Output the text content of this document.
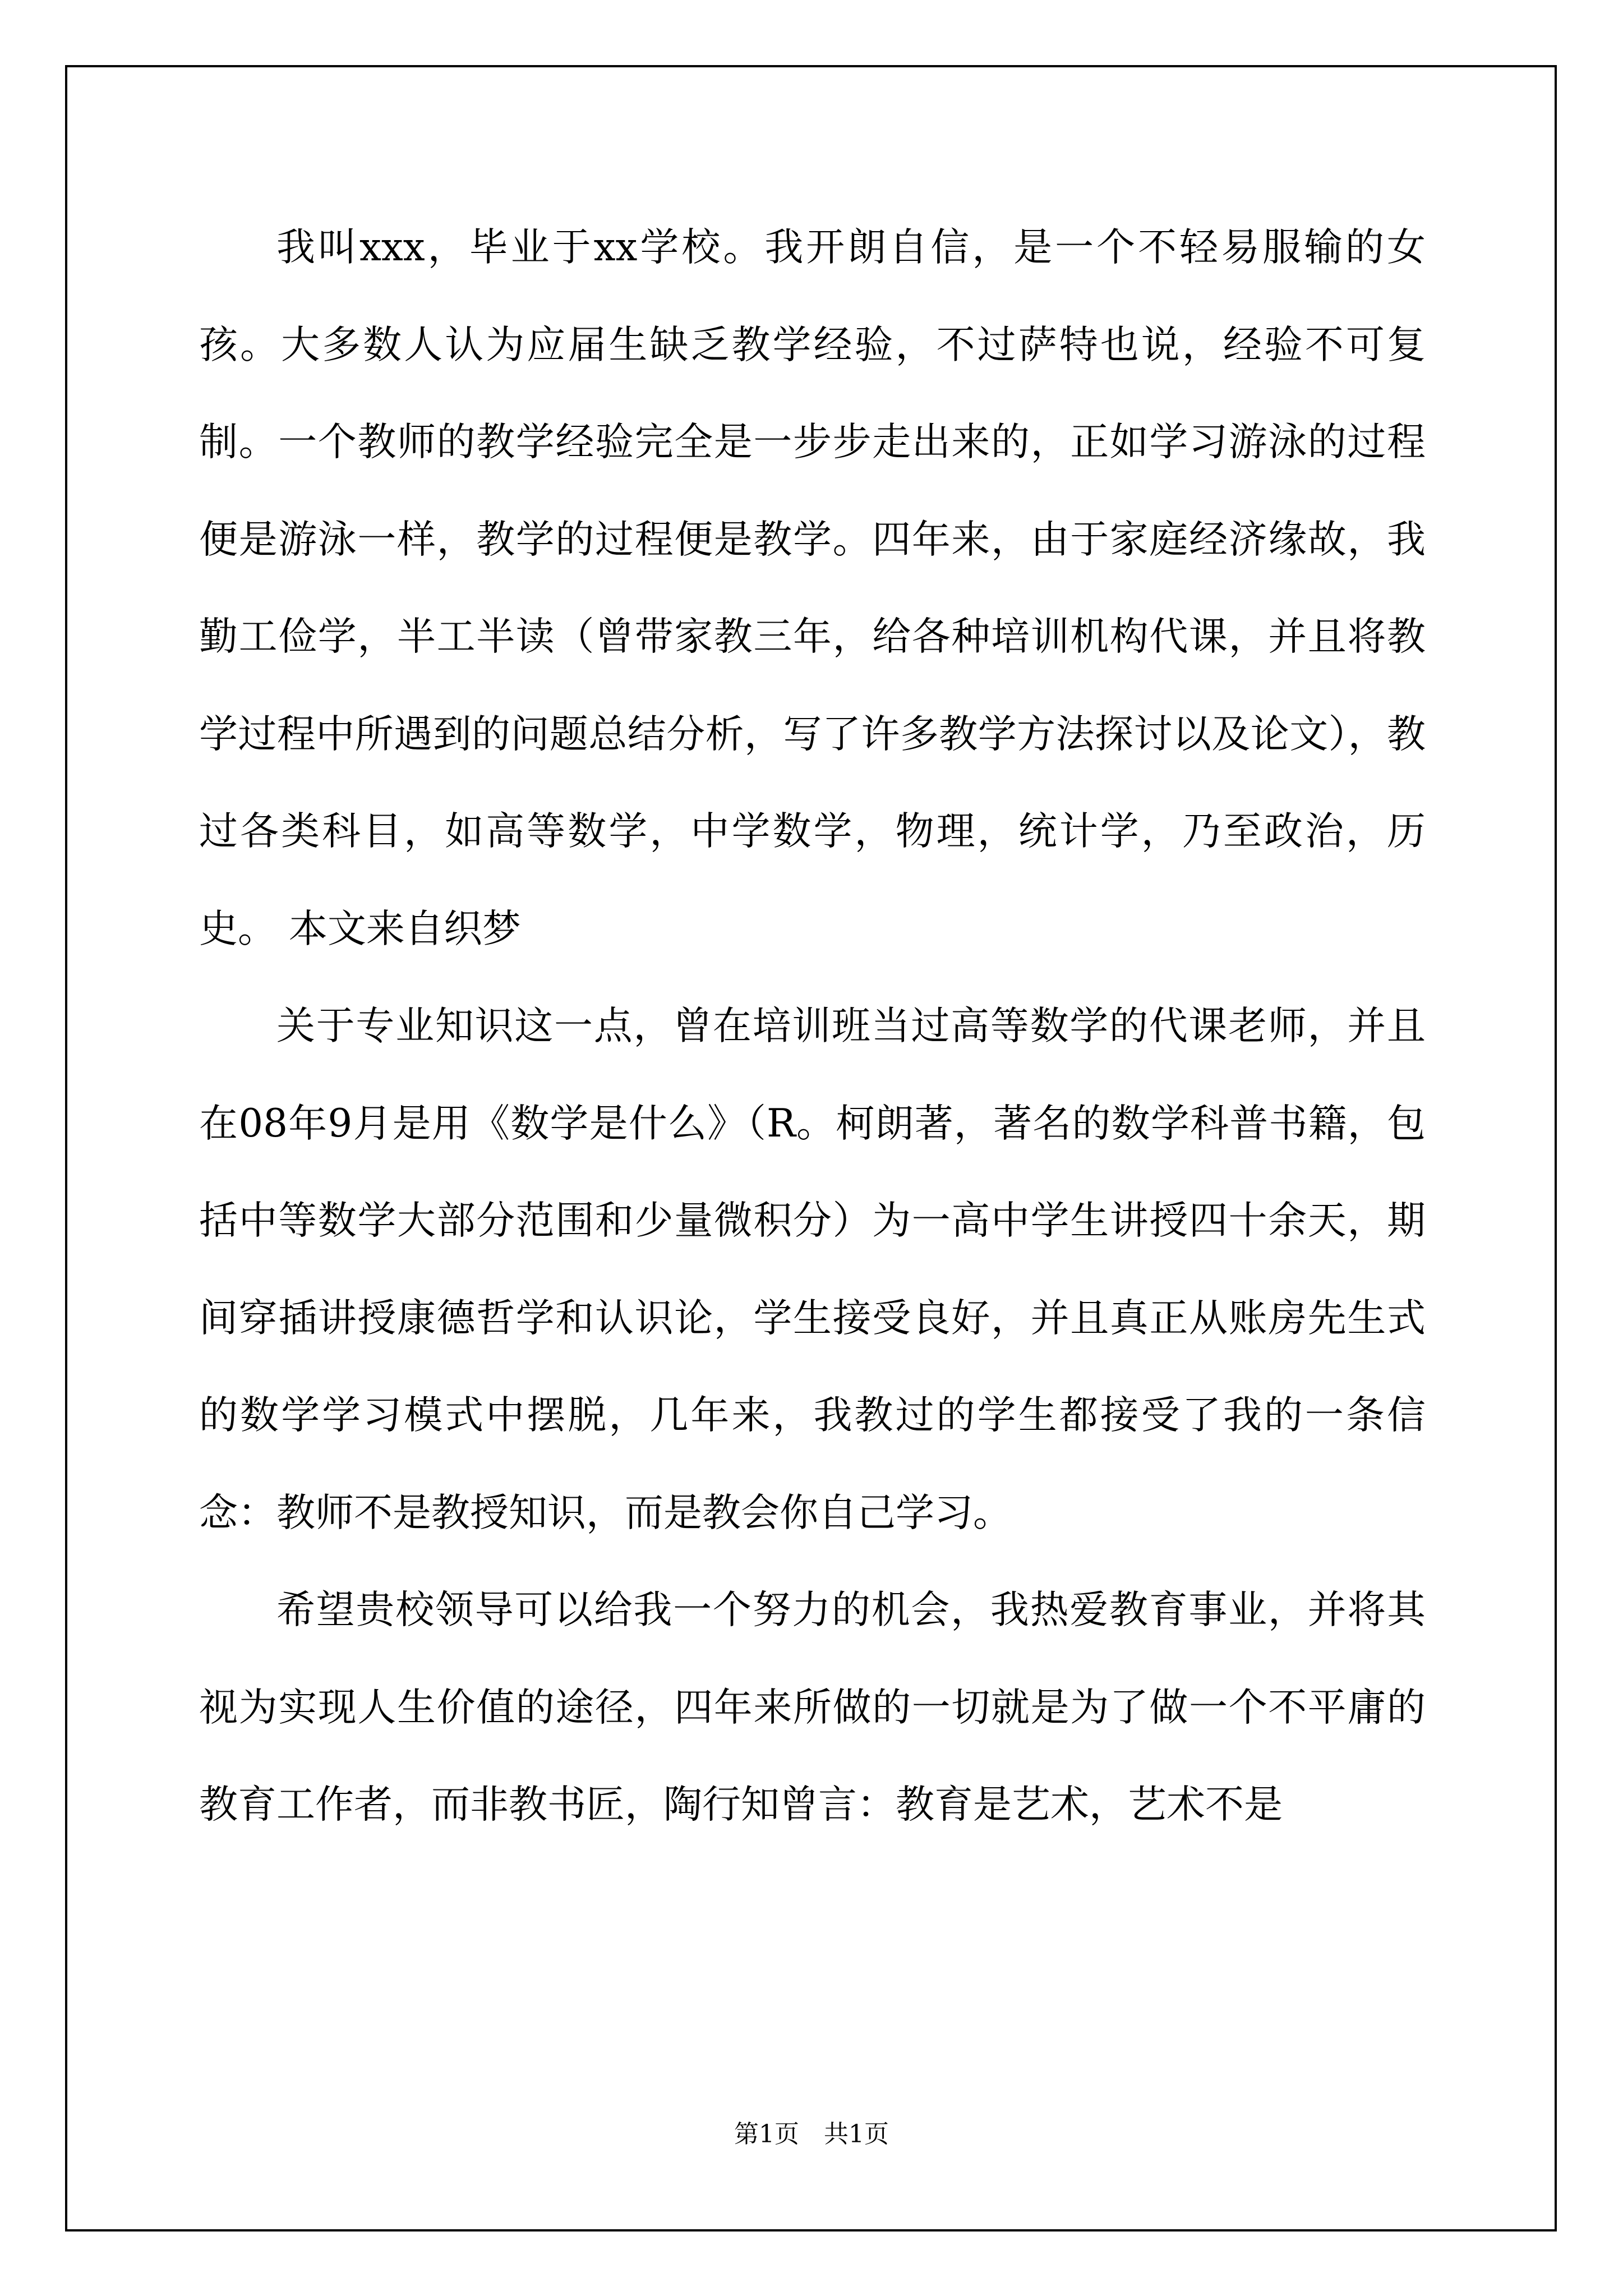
我叫xxx，毕业于xx学校。我开朗自信，是一个不轻易服输的女孩。大多数人认为应届生缺乏教学经验，不过萨特也说，经验不可复制。一个教师的教学经验完全是一步步走出来的，正如学习游泳的过程便是游泳一样，教学的过程便是教学。四年来，由于家庭经济缘故，我勤工俭学，半工半读（曾带家教三年，给各种培训机构代课，并且将教学过程中所遇到的问题总结分析，写了许多教学方法探讨以及论文），教过各类科目，如高等数学，中学数学，物理，统计学，乃至政治，历史。 本文来自织梦

关于专业知识这一点，曾在培训班当过高等数学的代课老师，并且在08年9月是用《数学是什么》（R。柯朗著，著名的数学科普书籍，包括中等数学大部分范围和少量微积分）为一高中学生讲授四十余天，期间穿插讲授康德哲学和认识论，学生接受良好，并且真正从账房先生式的数学学习模式中摆脱，几年来，我教过的学生都接受了我的一条信念：教师不是教授知识，而是教会你自己学习。

希望贵校领导可以给我一个努力的机会，我热爱教育事业，并将其视为实现人生价值的途径，四年来所做的一切就是为了做一个不平庸的教育工作者，而非教书匠，陶行知曾言：教育是艺术，艺术不是

第1页　共1页
